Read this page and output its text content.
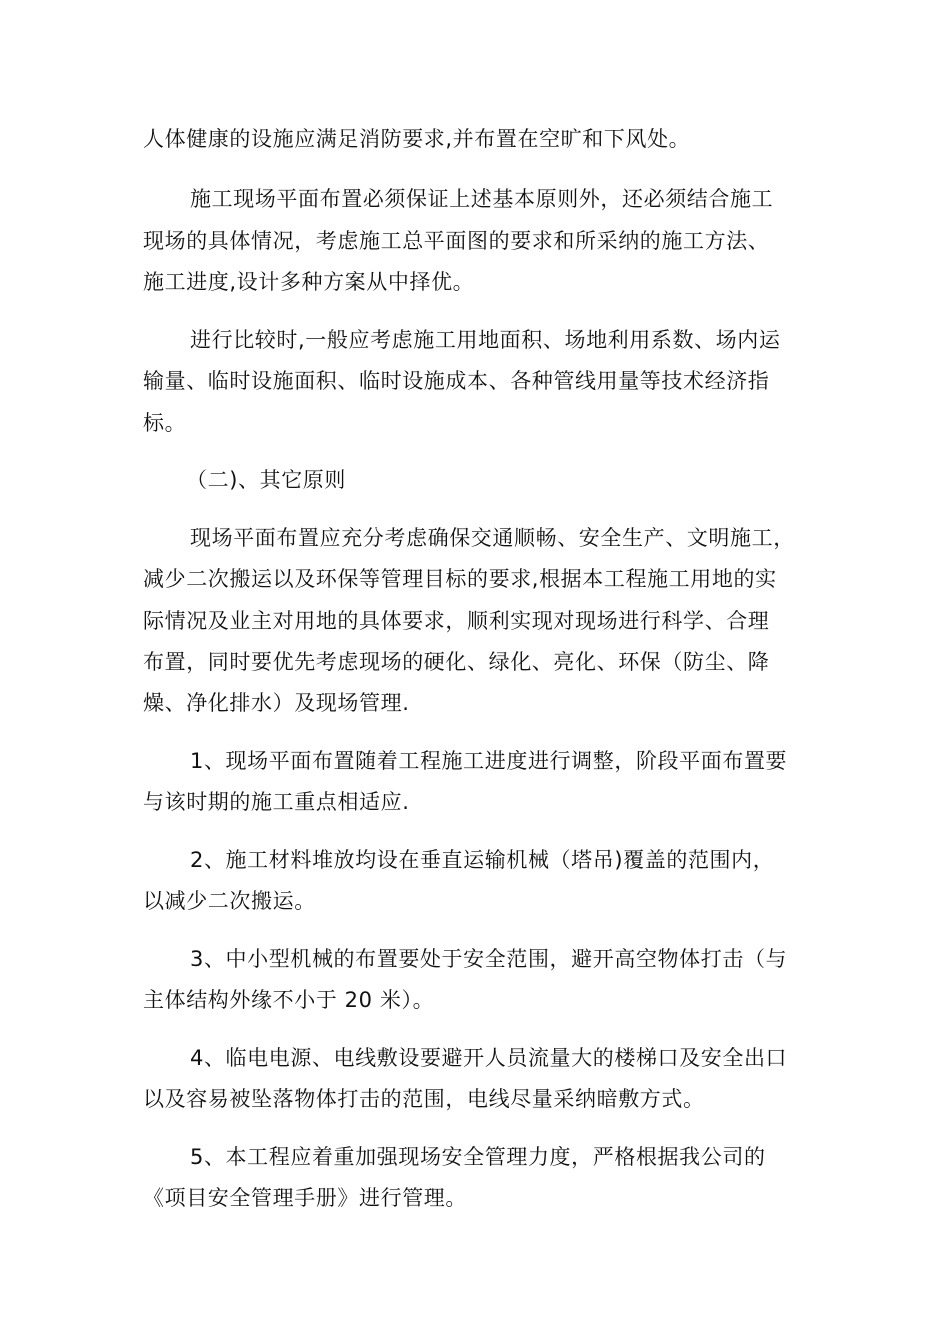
人体健康的设施应满足消防要求,并布置在空旷和下风处。
施工现场平面布置必须保证上述基本原则外，还必须结合施工
现场的具体情况，考虑施工总平面图的要求和所采纳的施工方法、
施工进度,设计多种方案从中择优。
进行比较时,一般应考虑施工用地面积、场地利用系数、场内运
输量、临时设施面积、临时设施成本、各种管线用量等技术经济指
标。
（二)、其它原则
现场平面布置应充分考虑确保交通顺畅、安全生产、文明施工，
减少二次搬运以及环保等管理目标的要求,根据本工程施工用地的实
际情况及业主对用地的具体要求，顺利实现对现场进行科学、合理
布置，同时要优先考虑现场的硬化、绿化、亮化、环保（防尘、降
燥、净化排水）及现场管理.
1、现场平面布置随着工程施工进度进行调整，阶段平面布置要
与该时期的施工重点相适应.
2、施工材料堆放均设在垂直运输机械（塔吊)覆盖的范围内，
以减少二次搬运。
3、中小型机械的布置要处于安全范围，避开高空物体打击（与
主体结构外缘不小于 20 米）。
4、临电电源、电线敷设要避开人员流量大的楼梯口及安全出口
以及容易被坠落物体打击的范围，电线尽量采纳暗敷方式。
5、本工程应着重加强现场安全管理力度，严格根据我公司的
《项目安全管理手册》进行管理。
